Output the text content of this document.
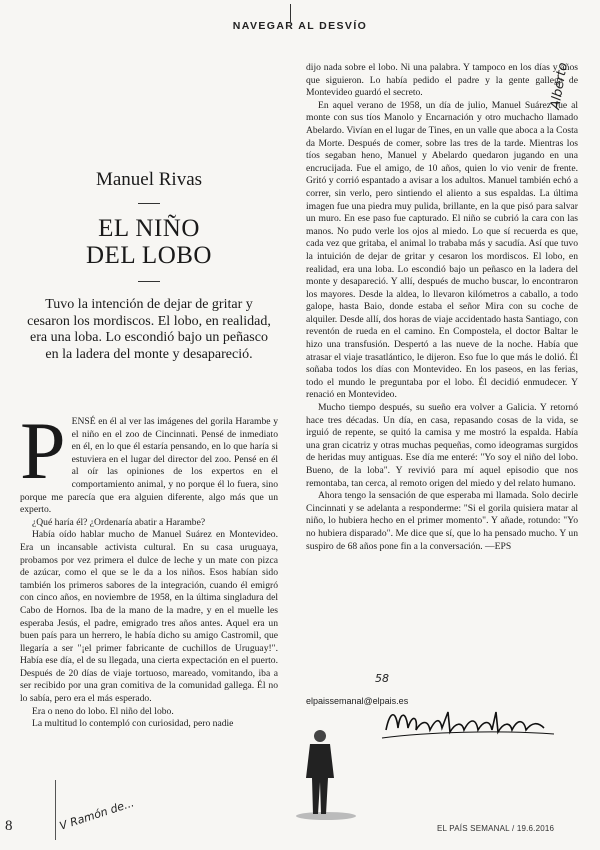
NAVEGAR AL DESVÍO
Manuel Rivas
EL NIÑO
DEL LOBO
Tuvo la intención de dejar de gritar y cesaron los mordiscos. El lobo, en realidad, era una loba. Lo escondió bajo un peñasco en la ladera del monte y desapareció.
P ENSÉ en él al ver las imágenes del gorila Harambe y el niño en el zoo de Cincinnati. Pensé de inmediato en él, en lo que él estaría pensando, en lo que haría si estuviera en el lugar del director del zoo. Pensé en él al oír las opiniones de los expertos en el comportamiento animal, y no porque él lo fuera, sino porque me parecía que era alguien diferente, algo más que un experto.

¿Qué haría él? ¿Ordenaría abatir a Harambe?

Había oído hablar mucho de Manuel Suárez en Montevideo. Era un incansable activista cultural. En su casa uruguaya, probamos por vez primera el dulce de leche y un mate con pizca de azúcar, como el que se le da a los niños. Esos habían sido también los primeros sabores de la integración, cuando él emigró con cinco años, en noviembre de 1958, en la última singladura del Cabo de Hornos. Iba de la mano de la madre, y en el muelle les esperaba Jesús, el padre, emigrado tres años antes. Aquel era un buen país para un herrero, le había dicho su amigo Castromil, que llegaría a ser "¡el primer fabricante de cuchillos de Uruguay!". Había ese día, el de su llegada, una cierta expectación en el puerto. Después de 20 días de viaje tortuoso, mareado, vomitando, iba a ser recibido por una gran comitiva de la comunidad gallega. Él no lo sabía, pero era el más esperado.

Era o neno do lobo. El niño del lobo.

La multitud lo contempló con curiosidad, pero nadie

dijo nada sobre el lobo. Ni una palabra. Y tampoco en los días y años que siguieron. Lo había pedido el padre y la gente gallega de Montevideo guardó el secreto.

En aquel verano de 1958, un día de julio, Manuel Suárez fue al monte con sus tíos Manolo y Encarnación y otro muchacho llamado Abelardo. Vivían en el lugar de Tines, en un valle que aboca a la Costa da Morte. Después de comer, sobre las tres de la tarde. Mientras los tíos segaban heno, Manuel y Abelardo quedaron jugando en una encrucijada. Fue el amigo, de 10 años, quien lo vio venir de frente. Gritó y corrió espantado a avisar a los adultos. Manuel también echó a correr, sin verlo, pero sintiendo el aliento a sus espaldas. La última imagen fue una piedra muy pulida, brillante, en la que pisó para salvar un muro. En ese paso fue capturado. El niño se cubrió la cara con las manos. No pudo verle los ojos al miedo. Lo que sí recuerda es que, cada vez que gritaba, el animal lo trababa más y sacudía. Así que tuvo la intuición de dejar de gritar y cesaron los mordiscos. El lobo, en realidad, era una loba. Lo escondió bajo un peñasco en la ladera del monte y desapareció. Y allí, después de mucho buscar, lo encontraron los mayores. Desde la aldea, lo llevaron kilómetros a caballo, a todo galope, hasta Baio, donde estaba el señor Mira con su coche de alquiler. Desde allí, dos horas de viaje accidentado hasta Santiago, con reventón de rueda en el camino. En Compostela, el doctor Baltar le hizo una transfusión. Despertó a las nueve de la noche. Había que atrasar el viaje trasatlántico, le dijeron. Eso fue lo que más le dolió. Él soñaba todos los días con Montevideo. En los paseos, en las ferias, todo el mundo le preguntaba por el lobo. Él decidió enmudecer. Y renació en Montevideo.

Mucho tiempo después, su sueño era volver a Galicia. Y retornó hace tres décadas. Un día, en casa, repasando cosas de la vida, se irguió de repente, se quitó la camisa y me mostró la espalda. Había una gran cicatriz y otras muchas pequeñas, como ideogramas surgidos de heridas muy antiguas. Ese día me enteré: "Yo soy el niño del lobo. Bueno, de la loba". Y revivió para mí aquel episodio que nos remontaba, tan cerca, al remoto origen del miedo y del relato humano.

Ahora tengo la sensación de que esperaba mi llamada. Solo decirle Cincinnati y se adelanta a responderme: "Si el gorila quisiera matar al niño, lo hubiera hecho en el primer momento". Y añade, rotundo: "Yo no hubiera disparado". Me dice que sí, que lo ha pensado mucho. Y un suspiro de 68 años pone fin a la conversación. —EPS

elpaissemanal@elpais.es
Alberto
58
V Ramón de...
8	EL PAÍS SEMANAL / 19.6.2016
